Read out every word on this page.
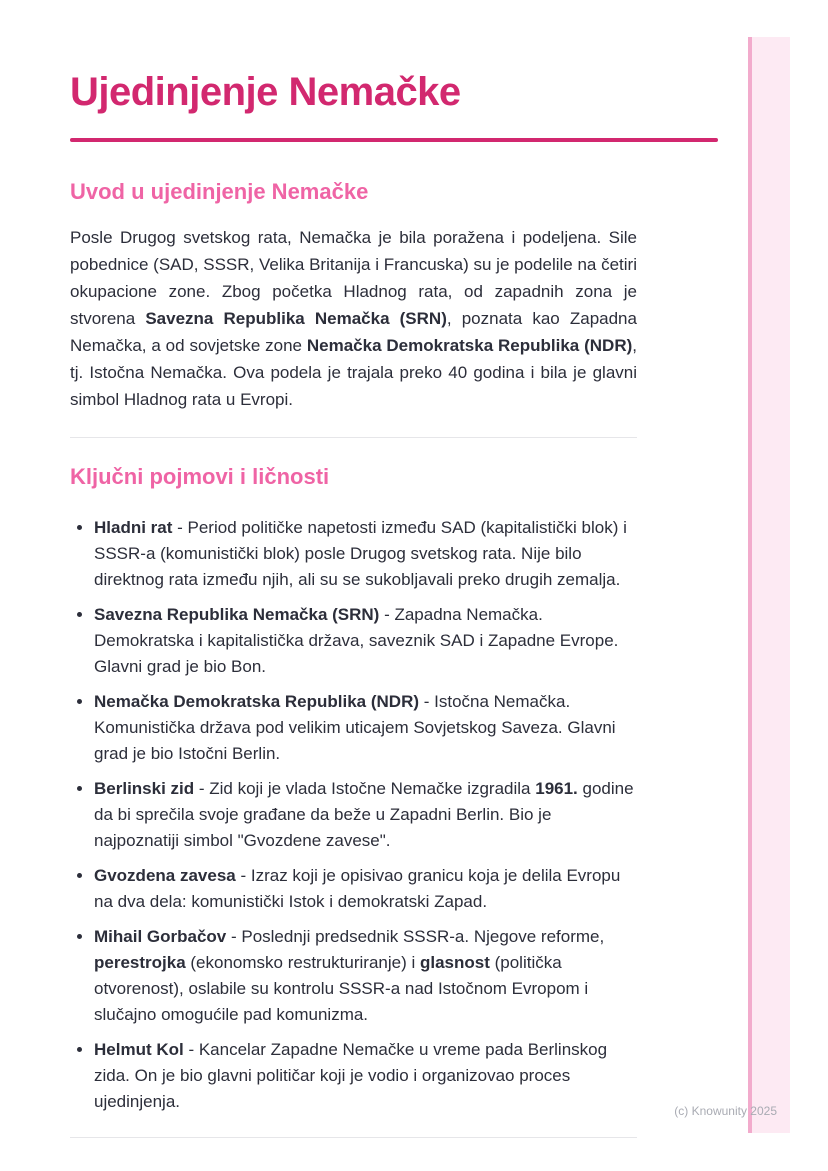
Ujedinjenje Nemačke
Uvod u ujedinjenje Nemačke

Posle Drugog svetskog rata, Nemačka je bila poražena i podeljena. Sile pobednice (SAD, SSSR, Velika Britanija i Francuska) su je podelile na četiri okupacione zone. Zbog početka Hladnog rata, od zapadnih zona je stvorena Savezna Republika Nemačka (SRN), poznata kao Zapadna Nemačka, a od sovjetske zone Nemačka Demokratska Republika (NDR), tj. Istočna Nemačka. Ova podela je trajala preko 40 godina i bila je glavni simbol Hladnog rata u Evropi.

Ključni pojmovi i ličnosti
• Hladni rat - Period političke napetosti između SAD (kapitalistički blok) i SSSR-a (komunistički blok) posle Drugog svetskog rata. Nije bilo direktnog rata između njih, ali su se sukobljavali preko drugih zemalja.
• Savezna Republika Nemačka (SRN) - Zapadna Nemačka. Demokratska i kapitalistička država, saveznik SAD i Zapadne Evrope. Glavni grad je bio Bon.
• Nemačka Demokratska Republika (NDR) - Istočna Nemačka. Komunistička država pod velikim uticajem Sovjetskog Saveza. Glavni grad je bio Istočni Berlin.
• Berlinski zid - Zid koji je vlada Istočne Nemačke izgradila 1961. godine da bi sprečila svoje građane da beže u Zapadni Berlin. Bio je najpoznatiji simbol "Gvozdene zavese".
• Gvozdena zavesa - Izraz koji je opisivao granicu koja je delila Evropu na dva dela: komunistički Istok i demokratski Zapad.
• Mihail Gorbačov - Poslednji predsednik SSSR-a. Njegove reforme, perestrojka (ekonomsko restrukturiranje) i glasnost (politička otvorenost), oslabile su kontrolu SSSR-a nad Istočnom Evropom i slučajno omogućile pad komunizma.
• Helmut Kol - Kancelar Zapadne Nemačke u vreme pada Berlinskog zida. On je bio glavni političar koji je vodio i organizovao proces ujedinjenja.	(c) Knowunity 2025
